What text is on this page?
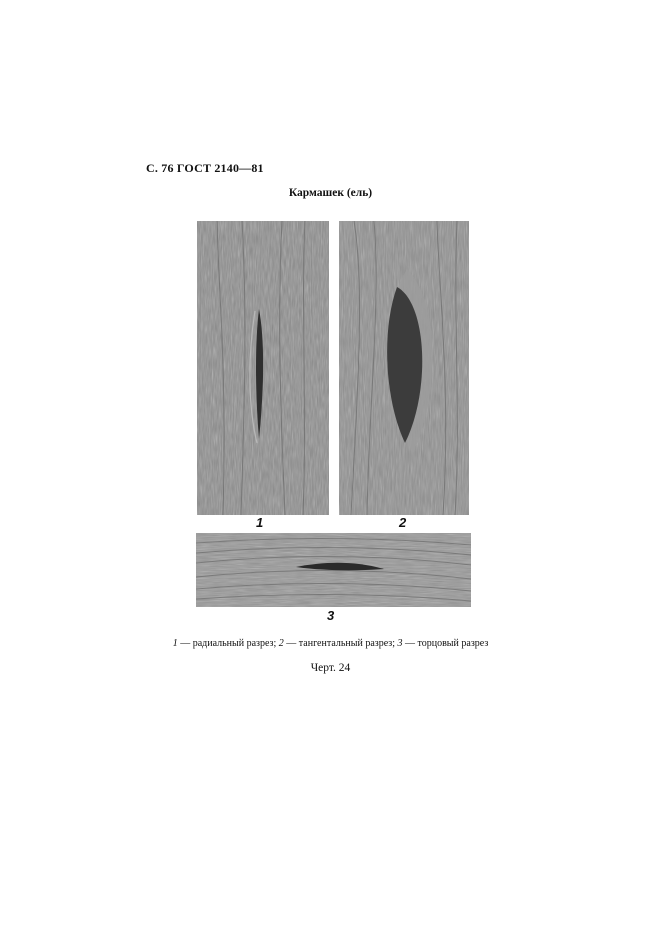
С. 76 ГОСТ 2140—81
Кармашек (ель)
1	2
3
1 — радиальный разрез; 2 — тангентальный разрез; 3 — торцовый разрез
Черт. 24
